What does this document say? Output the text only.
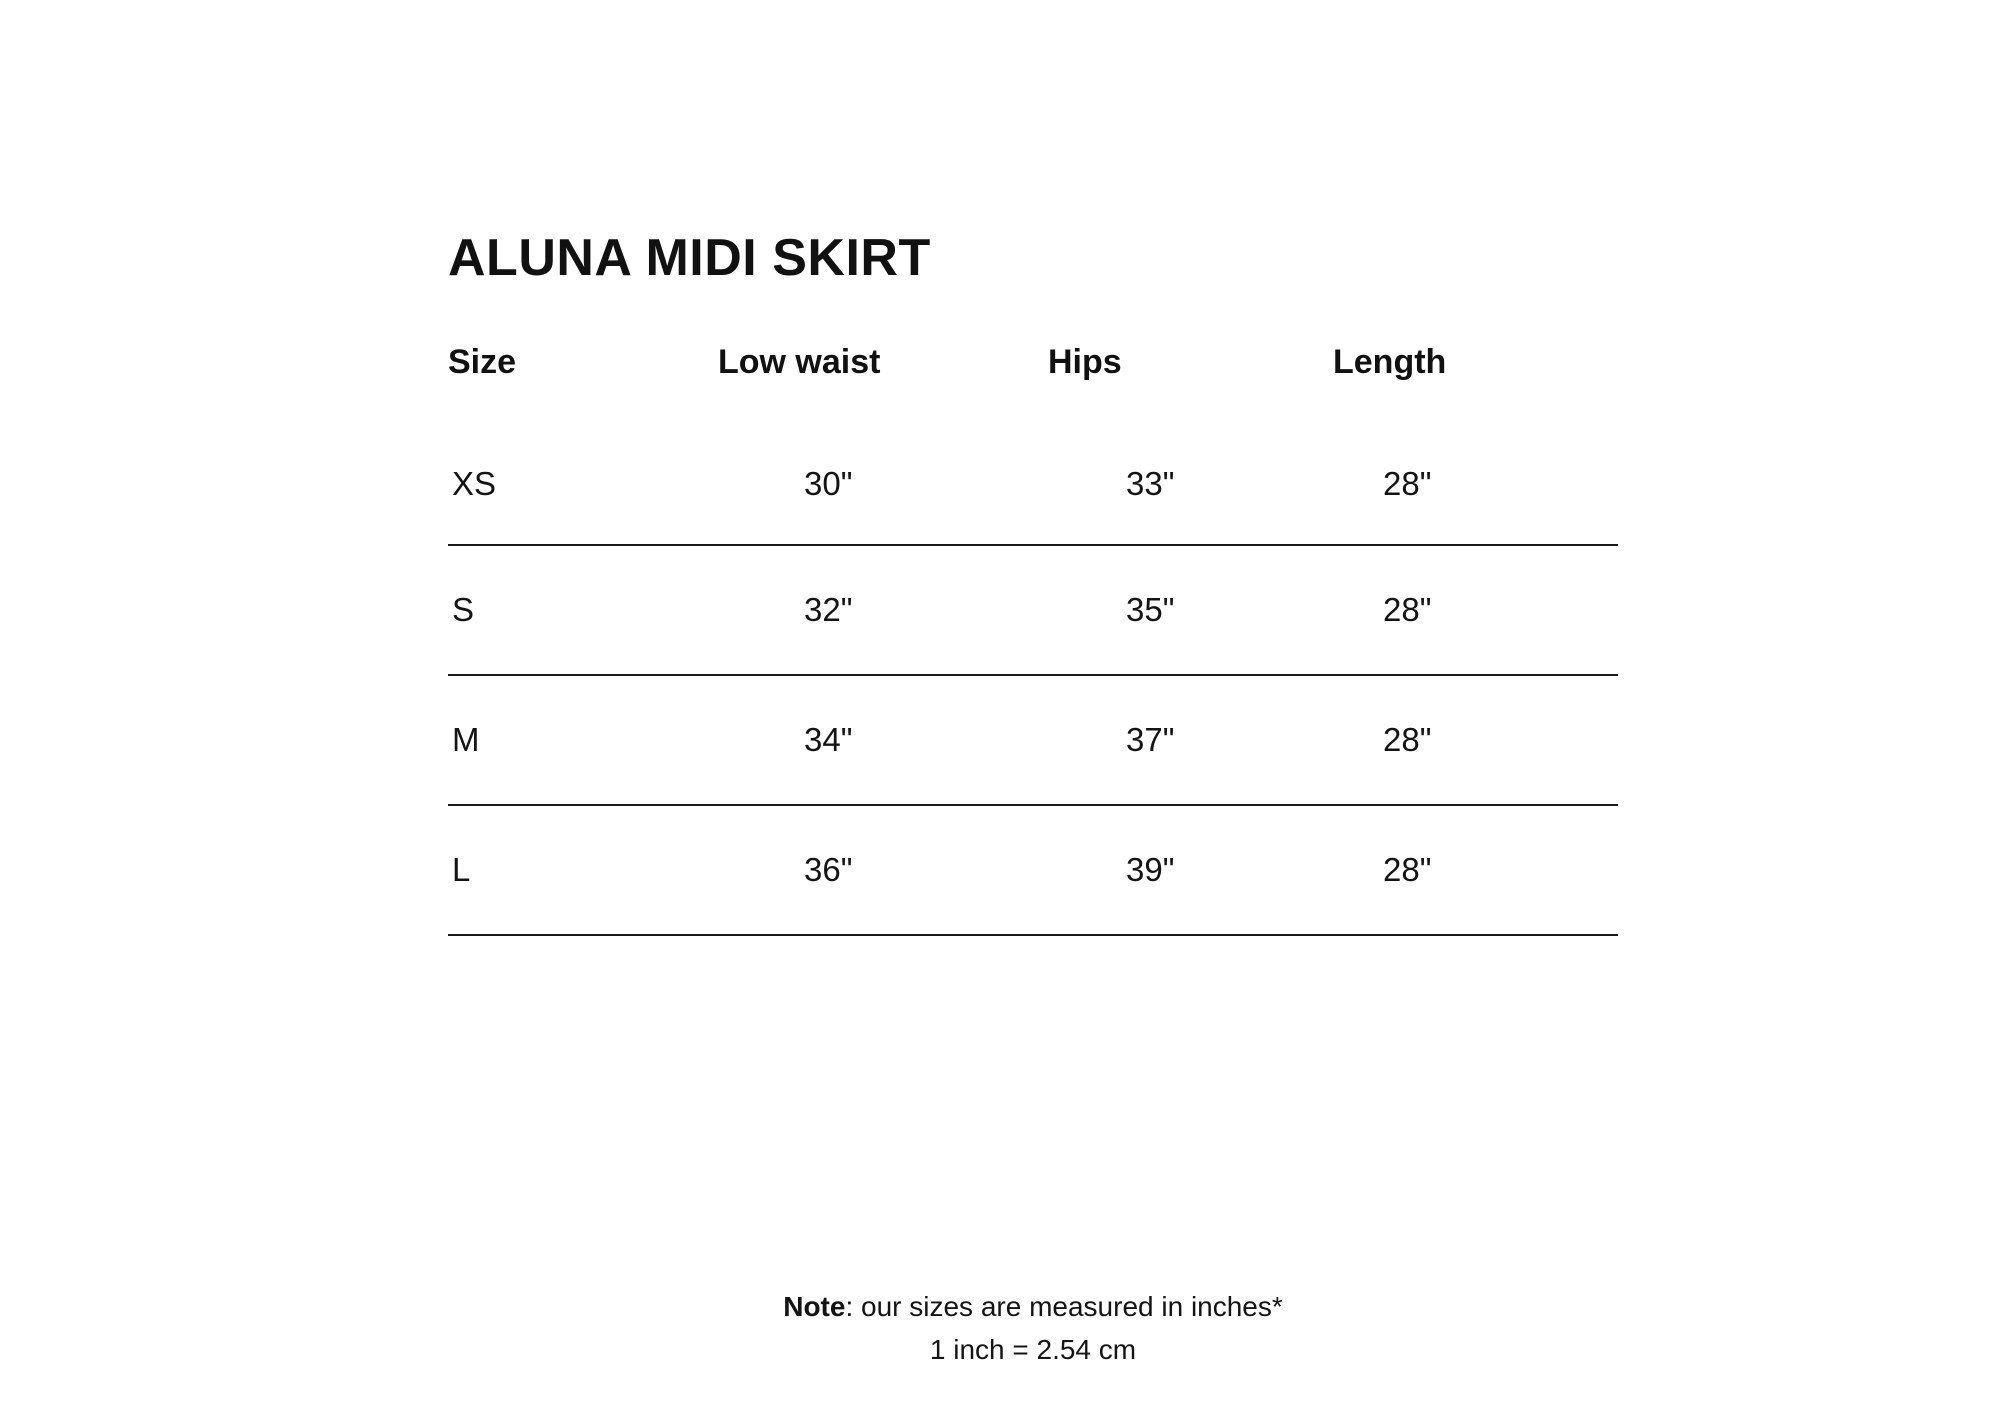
ALUNA MIDI SKIRT
Size	Low waist	Hips	Length
XS	30"	33"	28"
S	32"	35"	28"
M	34"	37"	28"
L	36"	39"	28"
Note: our sizes are measured in inches*
1 inch = 2.54 cm
